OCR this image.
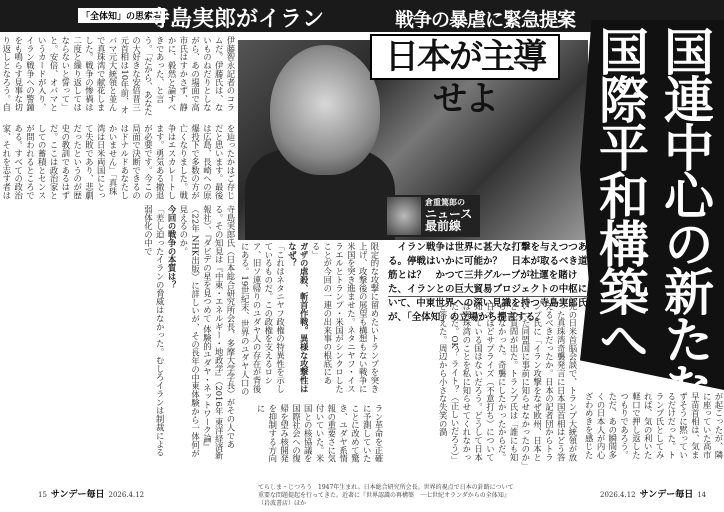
「全体知」の思索者
寺島実郎がイラン	戦争の暴虐に緊急提案
日本が主導せよ	国連中心の新たな
国際平和構築へ
倉重篤郎の
ニュース
最前線

イラン戦争は世界に甚大な打撃を与えつつある。停戦はいかに可能か？　日本が取るべき道筋とは？　かつて三井グループが社運を賭けた、イランとの巨大貿易プロジェクトの中枢にいて、中東世界への深い見識を持つ寺島実郎氏が、「全体知」の立場から提言する。

伊藤智永記者のコラムだ。伊藤氏は、ないものねだりとしながら、あの場面で高市氏はすかさず、静かに、毅然と論すべきであった、と言う。「だから、あなたの大好きな安倍晋三元首相は10年前、オバマ元大統領と並んで真珠湾で献花しました。戦争の惨禍は二度と繰り返してはならないと誓って」と。安倍、オバマというカードが入り、イラン戦争への警鐘をも鳴らす見事な切り返しとなろう。自
を辿ったかはご存じだと思います。最後は広島、長崎への原爆投下で多数の方が亡くなりました。戦争はエスカレートします。勇気ある撤退が必要です。今この局面で決断できるのはドナルドあなたしかいません」「真珠湾は日米両国にとって失敗であり、悲劇だったというのが歴史の教訓であるはずだ。ここは政治家としての蓄積とセンスが問われるところである。すべての政治家、それを志す者は
寺島実郎氏（日本総合研究所会長、多摩大学学長）がその人である。その知見は『中東・エネルギー・地政学』（2016年 東洋経済新報社）、『ダビデの星を見つめて 体験的ユダヤ・ネットワーク論』（22年 NHK出版）に詳しいが、その長年の中東体験から一体何が見えるのか。
今回の戦争の本質は？
「差し迫ったイランの脅威はなかった。むしろイランは制裁による弱体化の中で
限定的な攻撃に留めたいトランプを突き上げ、攻撃後の展望も構想もない戦争に米国を突き進ませた。ネタニヤフ・イスラエルとトランプ・米国がシンクロしたことが今回の一連の出来事の根底にある」
ガザの虐殺、斬首作戦。異様な攻撃性はなぜ？
「これはネタニヤフ政権の特異性を示しているものだ。この政権を支えるロシア、旧ソ連帰りのユダヤ人の存在が背後にある。19世紀末、世界のユダヤ人口の
ラン革命を正確に予測していたことに改めて驚き、ユダヤ系情報の重要さに気付いていた。米国との核協議を国際社会への復帰を望み核開発を抑制する方向に	先の日米首脳会談で、トランプ大統領が放った真珠湾奇襲発言に日本国首相はどう答えるべきだったか。日本の記者団からトランプ氏に「イラン攻撃をなぜ欧州、日本といった同盟国に事前に知らせなかったのか」との質問が出た。トランプ氏は「誰にも知らせなかった。奇襲にしたかったからだ。日本ほどサプライズ（不意打ち）について知っている国はないだろう。どうして日本は真珠湾のことを私に知らせてくれなかったんだ。OK？ ライト？（正しいだろう）」と答えた。周辺から小さな失笑の渦	が起こったが、隣に座っていた高市早苗首相は、気まずそうに黙っているだけだった。トランプ氏としてみれば、気の利いた軽口で押し返したつもりであろう。ただ、あの瞬間多くの日本人が内心ざわめきを感じた
15 サンデー毎日 2026.4.12
てらしま・じつろう　1947年生まれ。日本総合研究所会長。世界的視点で日本の針路について重要な問題提起を行ってきた。近著に『世界認識の再構築　一七世紀オランダからの全体知』（岩波書店）ほか
2026.4.12 サンデー毎日 14
